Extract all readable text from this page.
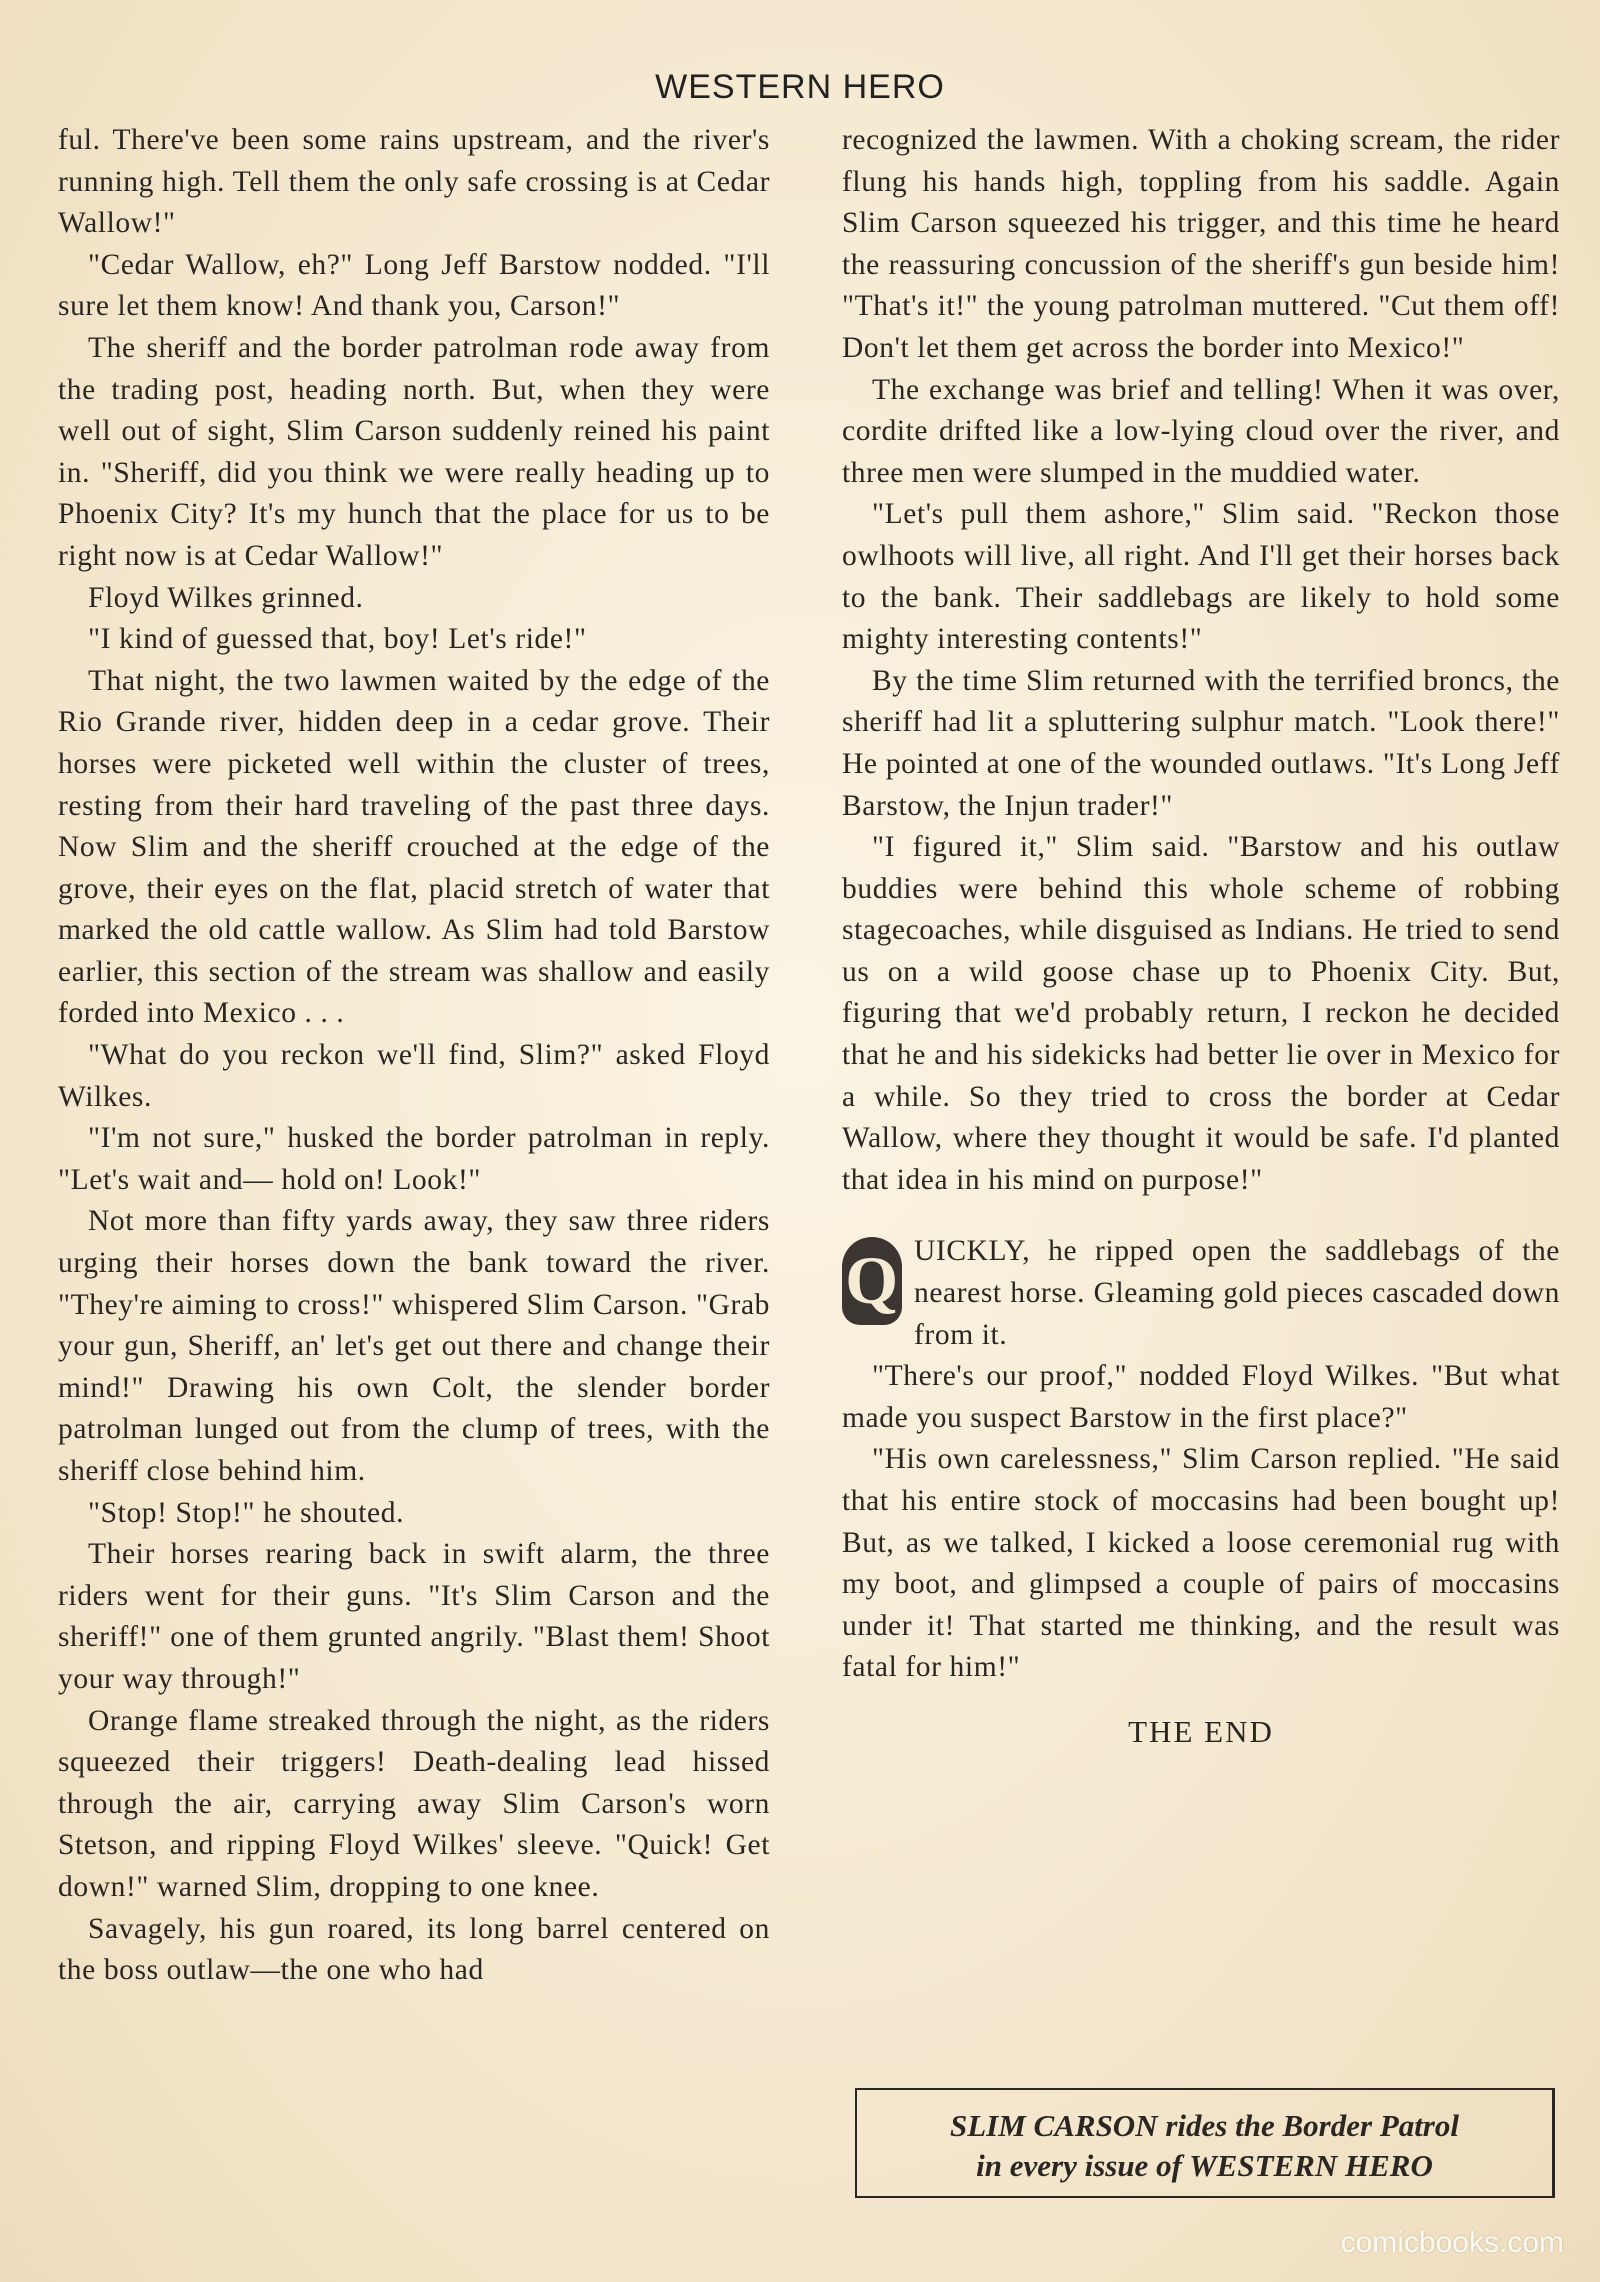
WESTERN HERO

ful. There've been some rains upstream, and the river's running high. Tell them the only safe crossing is at Cedar Wallow!"

"Cedar Wallow, eh?" Long Jeff Barstow nodded. "I'll sure let them know! And thank you, Carson!"

The sheriff and the border patrolman rode away from the trading post, heading north. But, when they were well out of sight, Slim Carson suddenly reined his paint in. "Sheriff, did you think we were really heading up to Phoenix City? It's my hunch that the place for us to be right now is at Cedar Wallow!"

Floyd Wilkes grinned.

"I kind of guessed that, boy! Let's ride!"

That night, the two lawmen waited by the edge of the Rio Grande river, hidden deep in a cedar grove. Their horses were picketed well within the cluster of trees, resting from their hard traveling of the past three days. Now Slim and the sheriff crouched at the edge of the grove, their eyes on the flat, placid stretch of water that marked the old cattle wallow. As Slim had told Barstow earlier, this section of the stream was shallow and easily forded into Mexico . . .

"What do you reckon we'll find, Slim?" asked Floyd Wilkes.

"I'm not sure," husked the border patrolman in reply. "Let's wait and— hold on! Look!"

Not more than fifty yards away, they saw three riders urging their horses down the bank toward the river. "They're aiming to cross!" whispered Slim Carson. "Grab your gun, Sheriff, an' let's get out there and change their mind!" Drawing his own Colt, the slender border patrolman lunged out from the clump of trees, with the sheriff close behind him.

"Stop! Stop!" he shouted.

Their horses rearing back in swift alarm, the three riders went for their guns. "It's Slim Carson and the sheriff!" one of them grunted angrily. "Blast them! Shoot your way through!"

Orange flame streaked through the night, as the riders squeezed their triggers! Death-dealing lead hissed through the air, carrying away Slim Carson's worn Stetson, and ripping Floyd Wilkes' sleeve. "Quick! Get down!" warned Slim, dropping to one knee.

Savagely, his gun roared, its long barrel centered on the boss outlaw—the one who had

recognized the lawmen. With a choking scream, the rider flung his hands high, toppling from his saddle. Again Slim Carson squeezed his trigger, and this time he heard the reassuring concussion of the sheriff's gun beside him! "That's it!" the young patrolman muttered. "Cut them off! Don't let them get across the border into Mexico!"

The exchange was brief and telling! When it was over, cordite drifted like a low-lying cloud over the river, and three men were slumped in the muddied water.

"Let's pull them ashore," Slim said. "Reckon those owlhoots will live, all right. And I'll get their horses back to the bank. Their saddlebags are likely to hold some mighty interesting contents!"

By the time Slim returned with the terrified broncs, the sheriff had lit a spluttering sulphur match. "Look there!" He pointed at one of the wounded outlaws. "It's Long Jeff Barstow, the Injun trader!"

"I figured it," Slim said. "Barstow and his outlaw buddies were behind this whole scheme of robbing stagecoaches, while disguised as Indians. He tried to send us on a wild goose chase up to Phoenix City. But, figuring that we'd probably return, I reckon he decided that he and his sidekicks had better lie over in Mexico for a while. So they tried to cross the border at Cedar Wallow, where they thought it would be safe. I'd planted that idea in his mind on purpose!"

Q UICKLY, he ripped open the saddlebags of the nearest horse. Gleaming gold pieces cascaded down from it.

"There's our proof," nodded Floyd Wilkes. "But what made you suspect Barstow in the first place?"

"His own carelessness," Slim Carson replied. "He said that his entire stock of moccasins had been bought up! But, as we talked, I kicked a loose ceremonial rug with my boot, and glimpsed a couple of pairs of moccasins under it! That started me thinking, and the result was fatal for him!"

THE END
SLIM CARSON rides the Border Patrol
in every issue of WESTERN HERO
comicbooks.com
